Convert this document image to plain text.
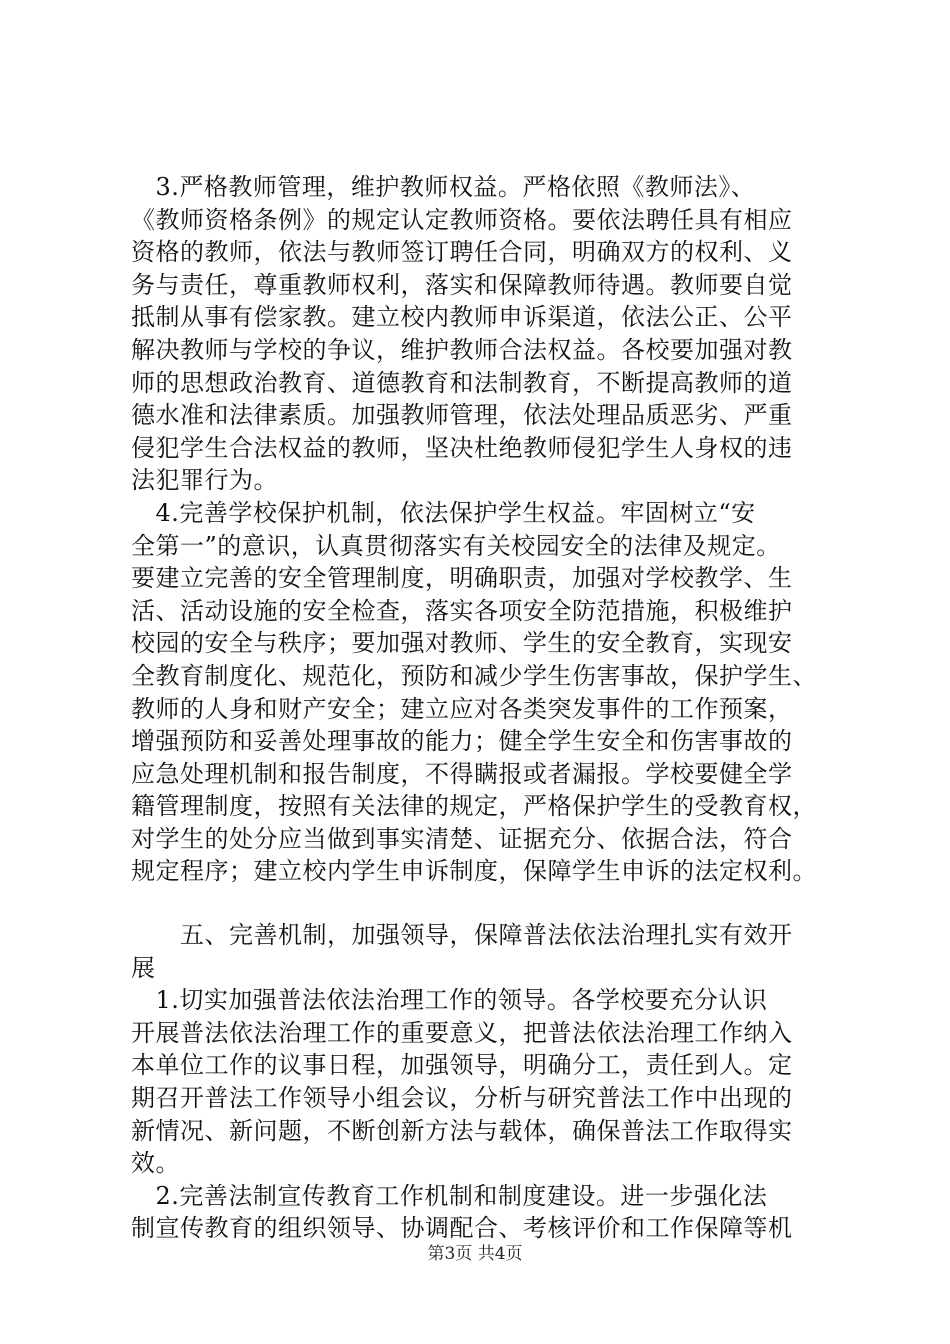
　3.严格教师管理，维护教师权益。严格依照《教师法》、
《教师资格条例》的规定认定教师资格。要依法聘任具有相应
资格的教师，依法与教师签订聘任合同，明确双方的权利、义
务与责任，尊重教师权利，落实和保障教师待遇。教师要自觉
抵制从事有偿家教。建立校内教师申诉渠道，依法公正、公平
解决教师与学校的争议，维护教师合法权益。各校要加强对教
师的思想政治教育、道德教育和法制教育，不断提高教师的道
德水准和法律素质。加强教师管理，依法处理品质恶劣、严重
侵犯学生合法权益的教师，坚决杜绝教师侵犯学生人身权的违
法犯罪行为。
　4.完善学校保护机制，依法保护学生权益。牢固树立“安
全第一”的意识，认真贯彻落实有关校园安全的法律及规定。
要建立完善的安全管理制度，明确职责，加强对学校教学、生
活、活动设施的安全检查，落实各项安全防范措施，积极维护
校园的安全与秩序；要加强对教师、学生的安全教育，实现安
全教育制度化、规范化，预防和减少学生伤害事故，保护学生、
教师的人身和财产安全；建立应对各类突发事件的工作预案，
增强预防和妥善处理事故的能力；健全学生安全和伤害事故的
应急处理机制和报告制度，不得瞒报或者漏报。学校要健全学
籍管理制度，按照有关法律的规定，严格保护学生的受教育权，
对学生的处分应当做到事实清楚、证据充分、依据合法，符合
规定程序；建立校内学生申诉制度，保障学生申诉的法定权利。
　　五、完善机制，加强领导，保障普法依法治理扎实有效开
展
　1.切实加强普法依法治理工作的领导。各学校要充分认识
开展普法依法治理工作的重要意义，把普法依法治理工作纳入
本单位工作的议事日程，加强领导，明确分工，责任到人。定
期召开普法工作领导小组会议，分析与研究普法工作中出现的
新情况、新问题，不断创新方法与载体，确保普法工作取得实
效。
　2.完善法制宣传教育工作机制和制度建设。进一步强化法
制宣传教育的组织领导、协调配合、考核评价和工作保障等机
第3页 共4页
